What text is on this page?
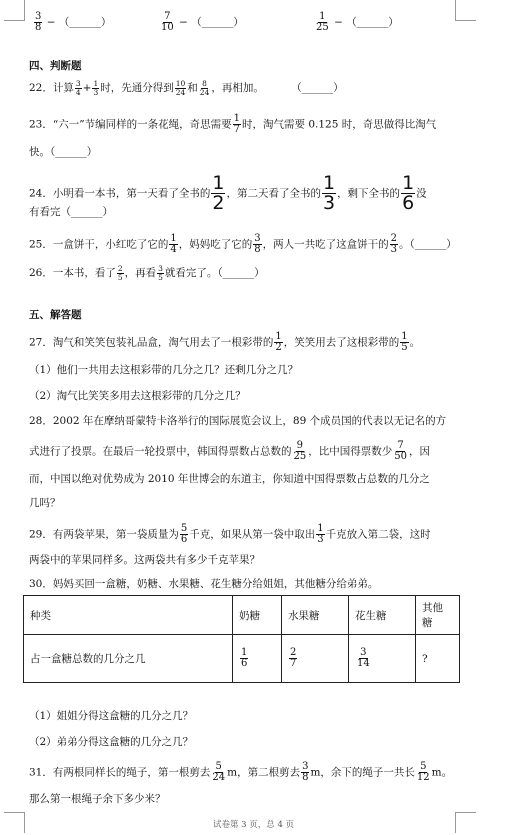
$\frac{3}{8}$ − （______）	$\frac{7}{10}$ − （______）	$\frac{1}{25}$ − （______）
四、判断题
22．计算 $\frac{3}{4} + \frac{1}{3}$ 时，先通分得到 $\frac{10}{24}$ 和 $\frac{8}{24}$ ，再相加。	（______）
23．“六一”节编同样的一条花绳，奇思需要 $\frac{1}{7}$ 时，淘气需要 0.125 时，奇思做得比淘气
快。（______）
24．小明看一本书，第一天看了全书的 $\frac{1}{2}$ ，第二天看了全书的 $\frac{1}{3}$ ，剩下全书的 $\frac{1}{6}$ 没
有看完（______）
25．一盒饼干，小红吃了它的 $\frac{1}{4}$ ，妈妈吃了它的 $\frac{3}{8}$ ，两人一共吃了这盒饼干的 $\frac{2}{3}$ 。（______）
26．一本书，看了 $\frac{2}{5}$ ，再看 $\frac{3}{5}$ 就看完了。（______）
五、解答题
27．淘气和笑笑包装礼品盒，淘气用去了一根彩带的 $\frac{1}{2}$ ，笑笑用去了这根彩带的 $\frac{1}{5}$ 。
（1）他们一共用去这根彩带的几分之几？还剩几分之几？
（2）淘气比笑笑多用去这根彩带的几分之几？
28．2002 年在摩纳哥蒙特卡洛举行的国际展览会议上，89 个成员国的代表以无记名的方
式进行了投票。在最后一轮投票中，韩国得票数占总数的 $\frac{9}{25}$ ，比中国得票数少 $\frac{7}{50}$ ，因
而，中国以绝对优势成为 2010 年世博会的东道主，你知道中国得票数占总数的几分之
几吗？
29．有两袋苹果，第一袋质量为 $\frac{5}{6}$ 千克，如果从第一袋中取出 $\frac{1}{3}$ 千克放入第二袋，这时
两袋中的苹果同样多。这两袋共有多少千克苹果？
30．妈妈买回一盒糖，奶糖、水果糖、花生糖分给姐姐，其他糖分给弟弟。
种类	奶糖	水果糖	花生糖	其他糖
占一盒糖总数的几分之几	$\frac{1}{6}$	$\frac{2}{7}$	$\frac{3}{14}$	?
（1）姐姐分得这盒糖的几分之几？
（2）弟弟分得这盒糖的几分之几？
31．有两根同样长的绳子，第一根剪去 $\frac{5}{24}$ m，第二根剪去 $\frac{3}{8}$ m，余下的绳子一共长 $\frac{5}{12}$ m。
那么第一根绳子余下多少米？
试卷第 3 页，总 4 页
